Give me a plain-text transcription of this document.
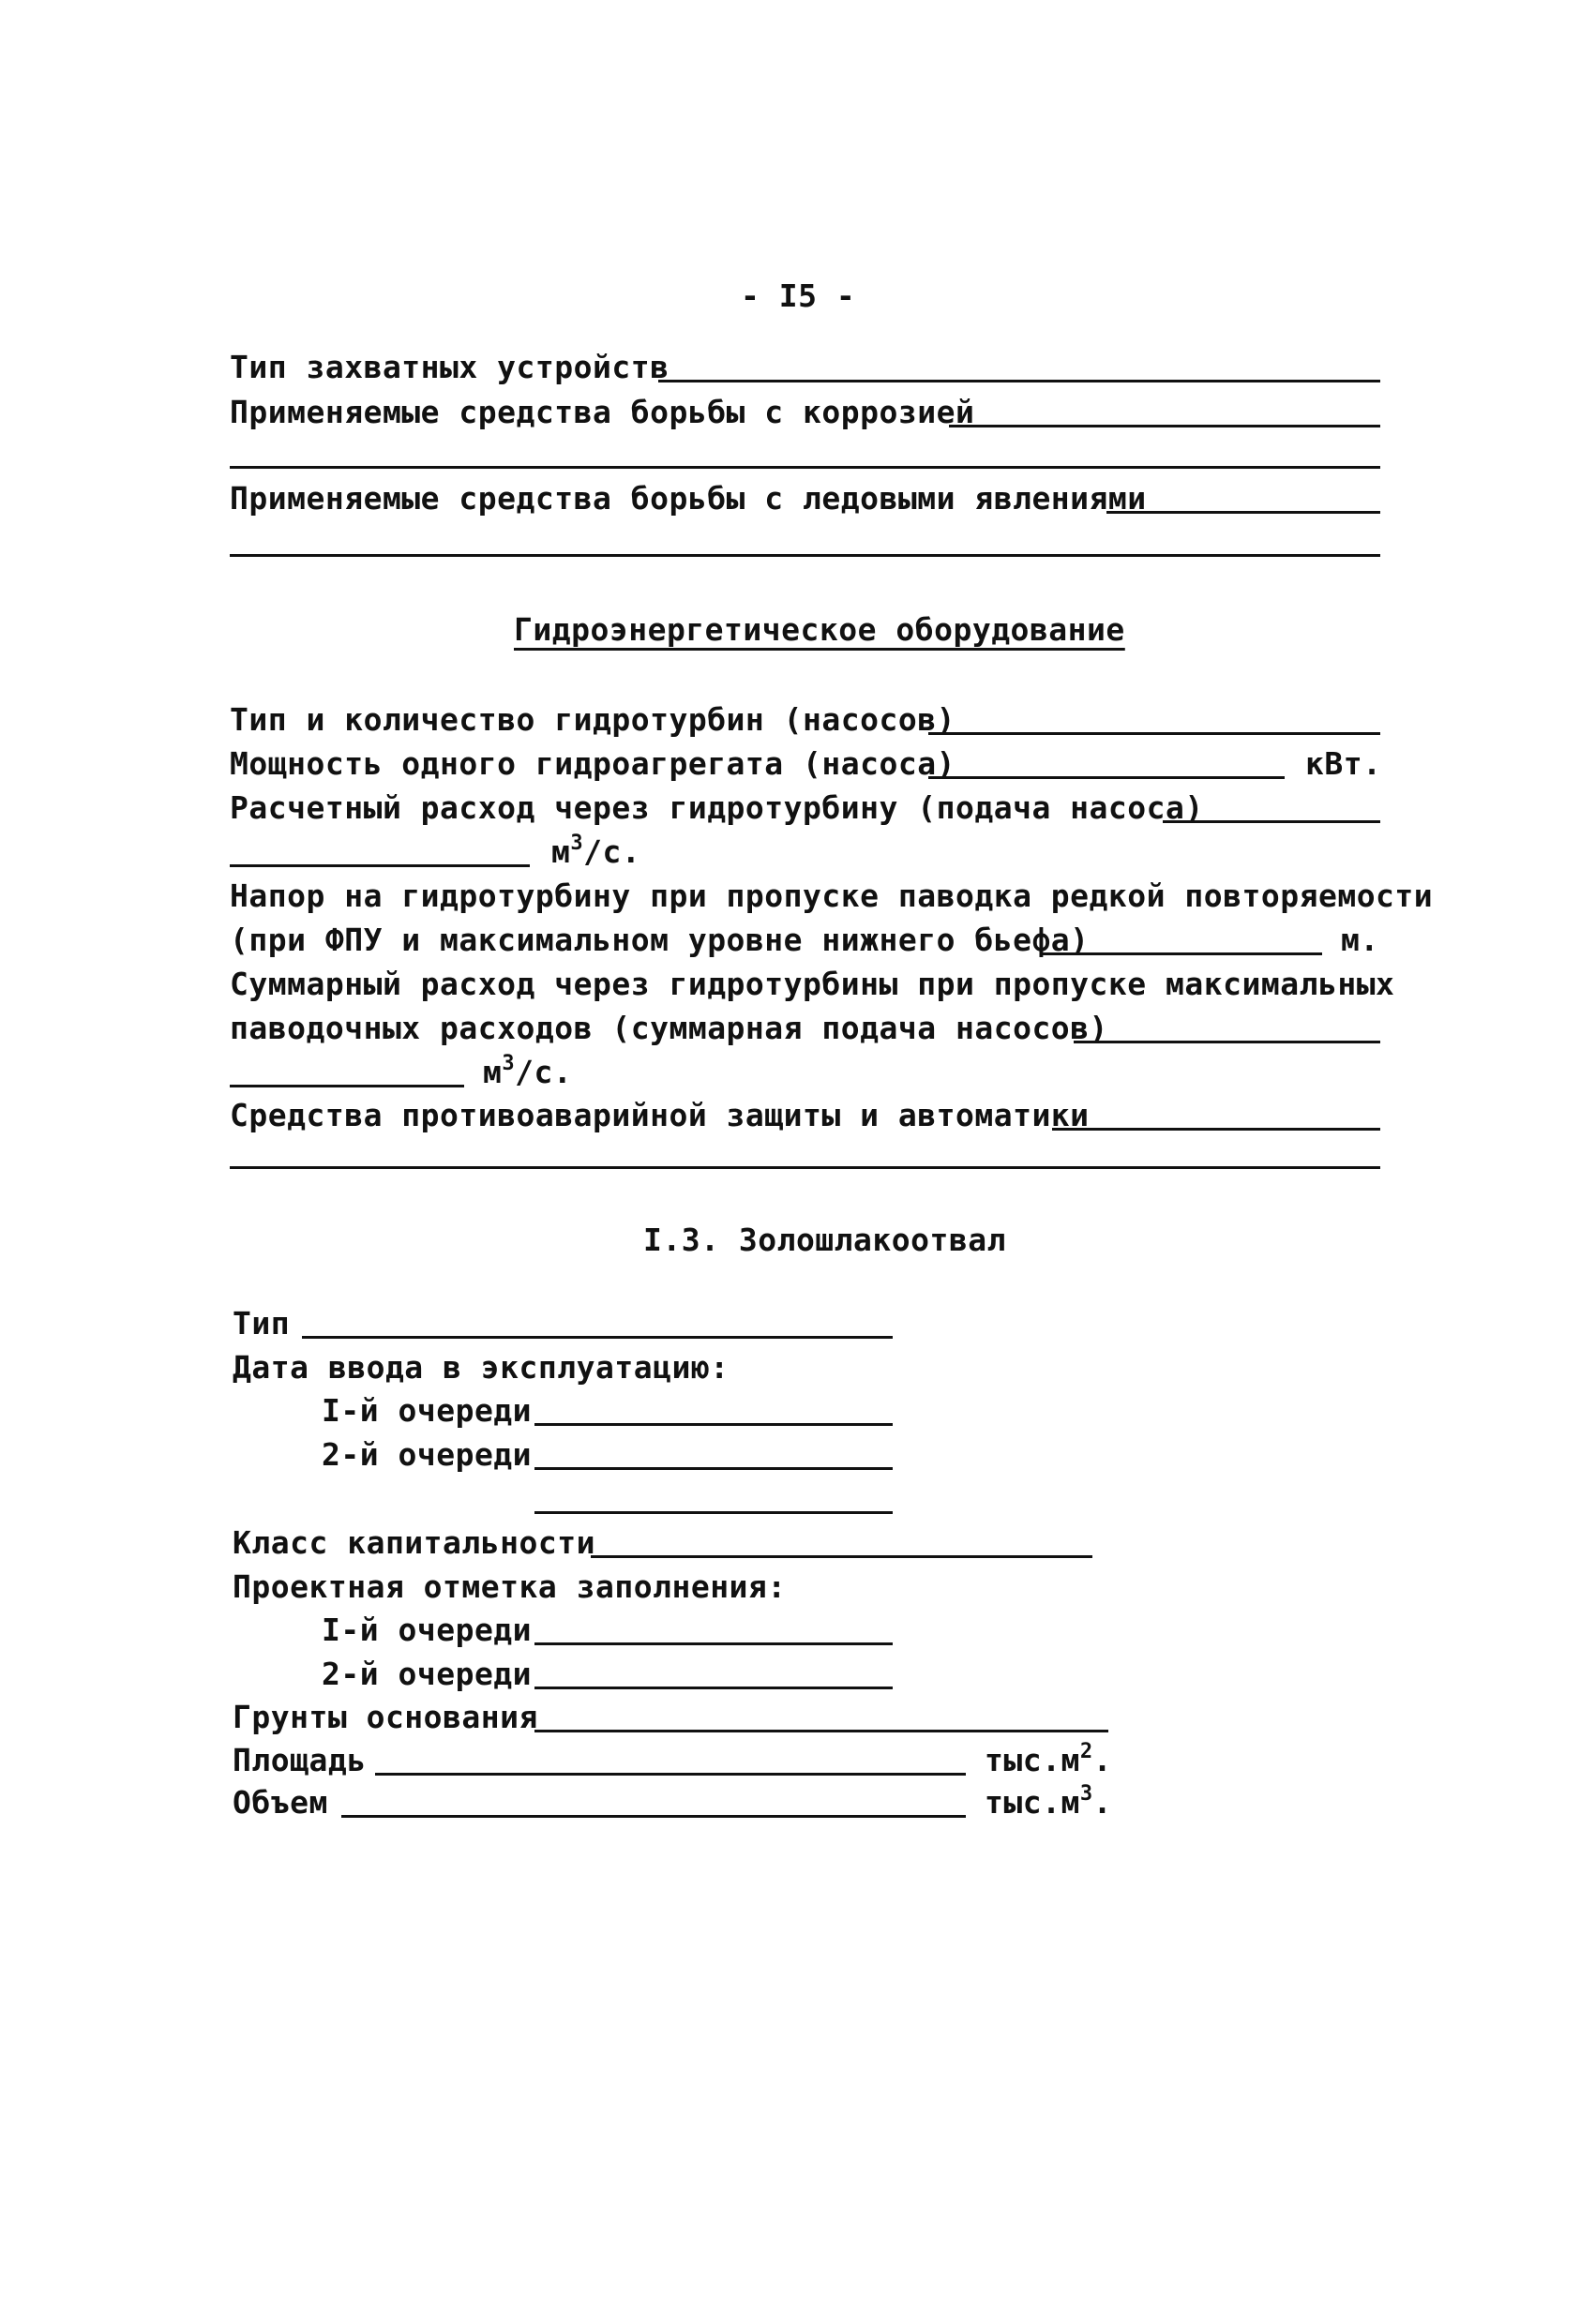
- I5 -
Тип захватных устройств
Применяемые средства борьбы с коррозией
Применяемые средства борьбы с ледовыми явлениями
Гидроэнергетическое оборудование
Тип и количество гидротурбин (насосов)
Мощность одного гидроагрегата (насоса)	кВт.
Расчетный расход через гидротурбину (подача насоса)
$м^3/с$.
Напор на гидротурбину при пропуске паводка редкой повторяемости
(при ФПУ и максимальном уровне нижнего бьефа)	м.
Суммарный расход через гидротурбины при пропуске максимальных
паводочных расходов (суммарная подача насосов)
$м^3/с$.
Средства противоаварийной защиты и автоматики
I.3. Золошлакоотвал
Тип
Дата ввода в эксплуатацию:
I-й очереди
2-й очереди
Класс капитальности
Проектная отметка заполнения:
I-й очереди
2-й очереди
Грунты основания
Площадь	$тыс.м^2$.
Объем	$тыс.м^3$.
